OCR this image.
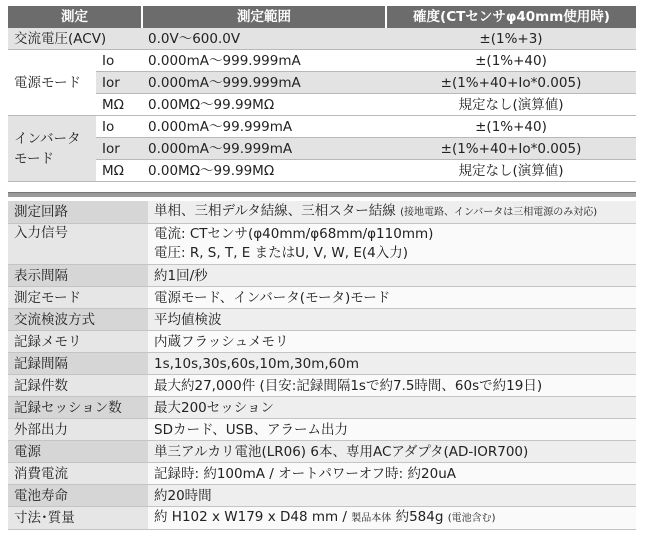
測定		測定範囲	確度(CTセンサφ40mm使用時)
交流電圧(ACV)		0.0V～600.0V	±(1%+3)
電源モード	Io	0.000mA～999.999mA	±(1%+40)
	Ior	0.000mA～999.999mA	±(1%+40+Io*0.005)
	MΩ	0.00MΩ～99.99MΩ	規定なし(演算値)

インバータ
モード	Io	0.000mA～99.999mA	±(1%+40)
	Ior	0.000mA～99.999mA	±(1%+40+Io*0.005)
	MΩ	0.00MΩ～99.99MΩ	規定なし(演算値)
測定回路	単相、三相デルタ結線、三相スター結線 (接地電路、インバータは三相電源のみ対応)
入力信号	電流: CTセンサ(φ40mm/φ68mm/φ110mm)
電圧: R, S, T, E またはU, V, W, E(4入力)

表示間隔	約1回/秒
測定モード	電源モード、インバータ(モータ)モード
交流検波方式	平均値検波
記録メモリ	内蔵フラッシュメモリ
記録間隔	1s,10s,30s,60s,10m,30m,60m
記録件数	最大約27,000件 (目安:記録間隔1sで約7.5時間、60sで約19日)
記録セッション数	最大200セッション
外部出力	SDカード、USB、アラーム出力
電源	単三アルカリ電池(LR06) 6本、専用ACアダプタ(AD-IOR700)
消費電流	記録時: 約100mA / オートパワーオフ時: 約20uA
電池寿命	約20時間
寸法･質量	約 H102 x W179 x D48 mm / 製品本体 約584g (電池含む)
